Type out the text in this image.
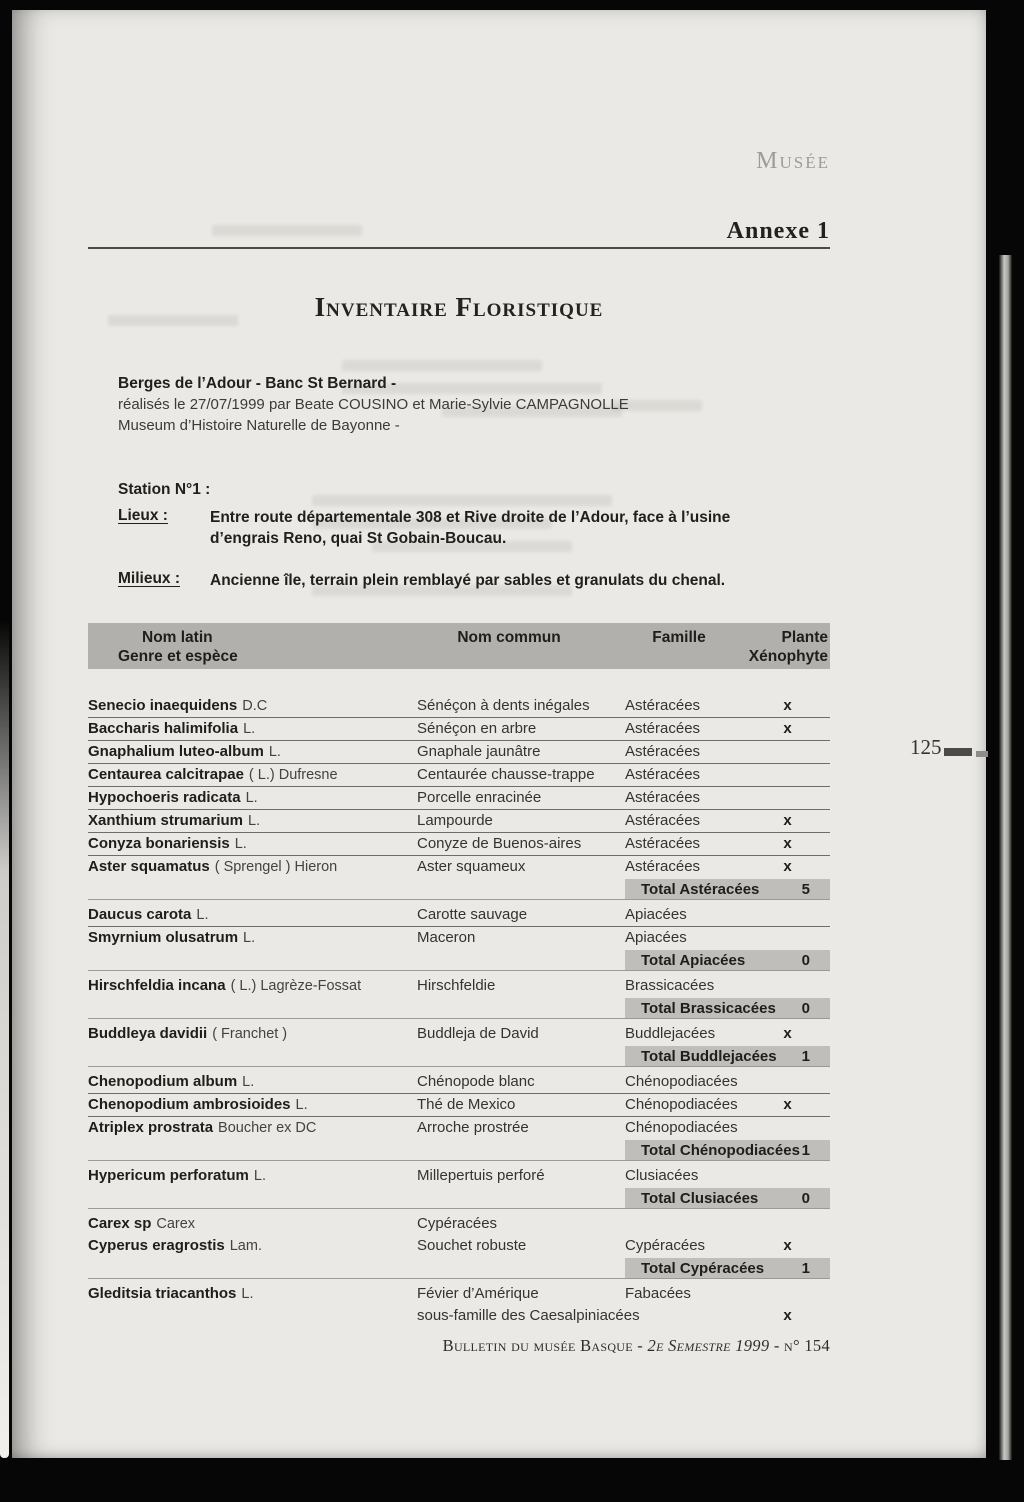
Musée
Annexe 1
Inventaire Floristique
Berges de l’Adour - Banc St Bernard -
réalisés le 27/07/1999 par Beate COUSINO et Marie-Sylvie CAMPAGNOLLE
Museum d’Histoire Naturelle de Bayonne -
Station N°1 :
Lieux :	Entre route départementale 308 et Rive droite de l’Adour, face à l’usine
d’engrais Reno, quai St Gobain-Boucau.
Milieux :	Ancienne île, terrain plein remblayé par sables et granulats du chenal.
Nom latin
Genre et espèce
Nom commun	Famille	Plante
Xénophyte
Senecio inaequidens D.C	Sénéçon à dents inégales	Astéracées	x
Baccharis halimifolia L.	Sénéçon en arbre	Astéracées	x
Gnaphalium luteo-album L.	Gnaphale jaunâtre	Astéracées
Centaurea calcitrapae ( L.) Dufresne	Centaurée chausse-trappe	Astéracées
Hypochoeris radicata L.	Porcelle enracinée	Astéracées
Xanthium strumarium L.	Lampourde	Astéracées	x
Conyza bonariensis L.	Conyze de Buenos-aires	Astéracées	x
Aster squamatus ( Sprengel ) Hieron	Aster squameux	Astéracées	x
Total Astéracées	5
Daucus carota L.	Carotte sauvage	Apiacées
Smyrnium olusatrum L.	Maceron	Apiacées
Total Apiacées	0
Hirschfeldia incana ( L.) Lagrèze-Fossat	Hirschfeldie	Brassicacées
Total Brassicacées	0
Buddleya davidii ( Franchet )	Buddleja de David	Buddlejacées	x
Total Buddlejacées	1
Chenopodium album L.	Chénopode blanc	Chénopodiacées
Chenopodium ambrosioides L.	Thé de Mexico	Chénopodiacées	x
Atriplex prostrata Boucher ex DC	Arroche prostrée	Chénopodiacées
Total Chénopodiacées 1
Hypericum perforatum L.	Millepertuis perforé	Clusiacées
Total Clusiacées	0
Carex sp Carex	Cypéracées
Cyperus eragrostis Lam.	Souchet robuste	Cypéracées	x
Total Cypéracées	1
Gleditsia triacanthos L.	Févier d’Amérique	Fabacées
sous-famille des Caesalpiniacées	x
Bulletin du musée Basque - 2e Semestre 1999 - n° 154
125
